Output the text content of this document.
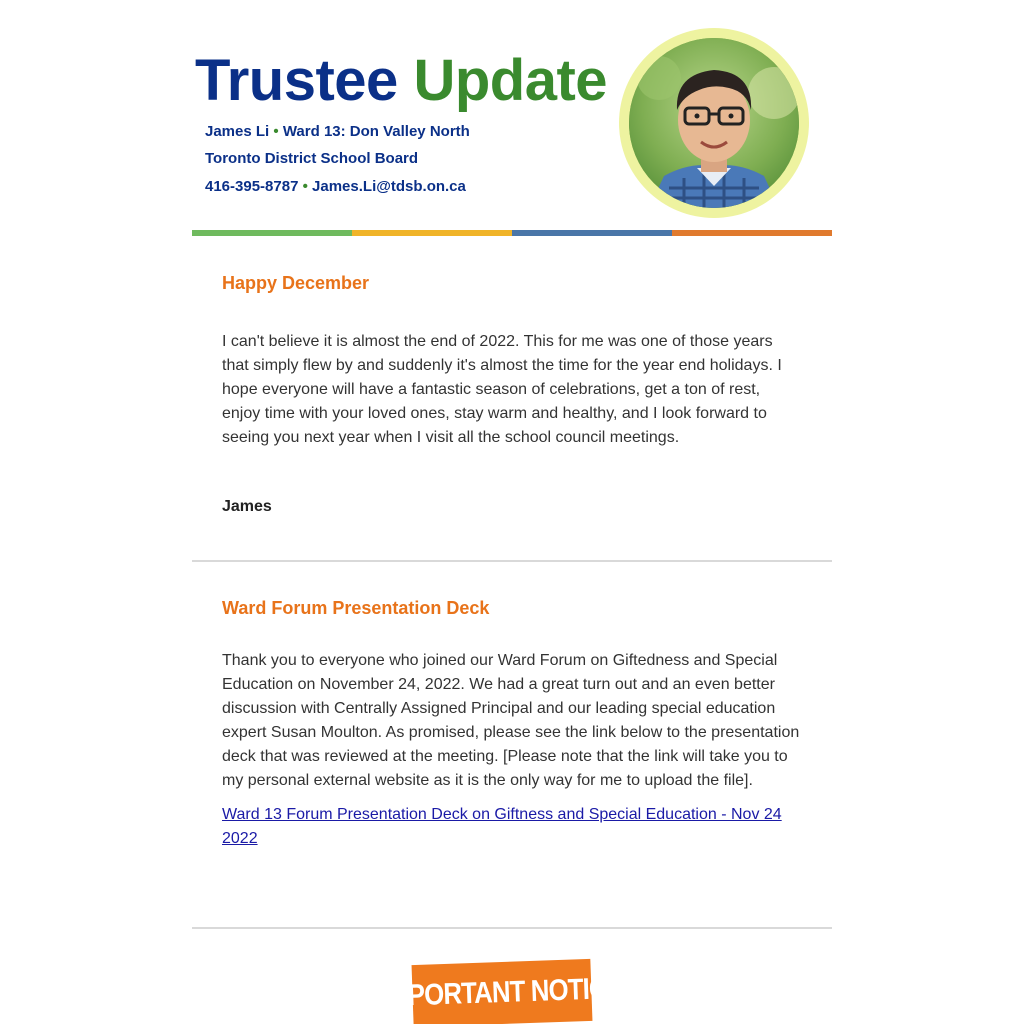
Trustee Update
James Li • Ward 13: Don Valley North
Toronto District School Board
416-395-8787 • James.Li@tdsb.on.ca
Happy December

I can't believe it is almost the end of 2022. This for me was one of those years that simply flew by and suddenly it's almost the time for the year end holidays. I hope everyone will have a fantastic season of celebrations, get a ton of rest, enjoy time with your loved ones, stay warm and healthy, and I look forward to seeing you next year when I visit all the school council meetings.

James

Ward Forum Presentation Deck

Thank you to everyone who joined our Ward Forum on Giftedness and Special Education on November 24, 2022. We had a great turn out and an even better discussion with Centrally Assigned Principal and our leading special education expert Susan Moulton. As promised, please see the link below to the presentation deck that was reviewed at the meeting. [Please note that the link will take you to my personal external website as it is the only way for me to upload the file].

Ward 13 Forum Presentation Deck on Giftness and Special Education - Nov 24 2022
IMPORTANT NOTICE
